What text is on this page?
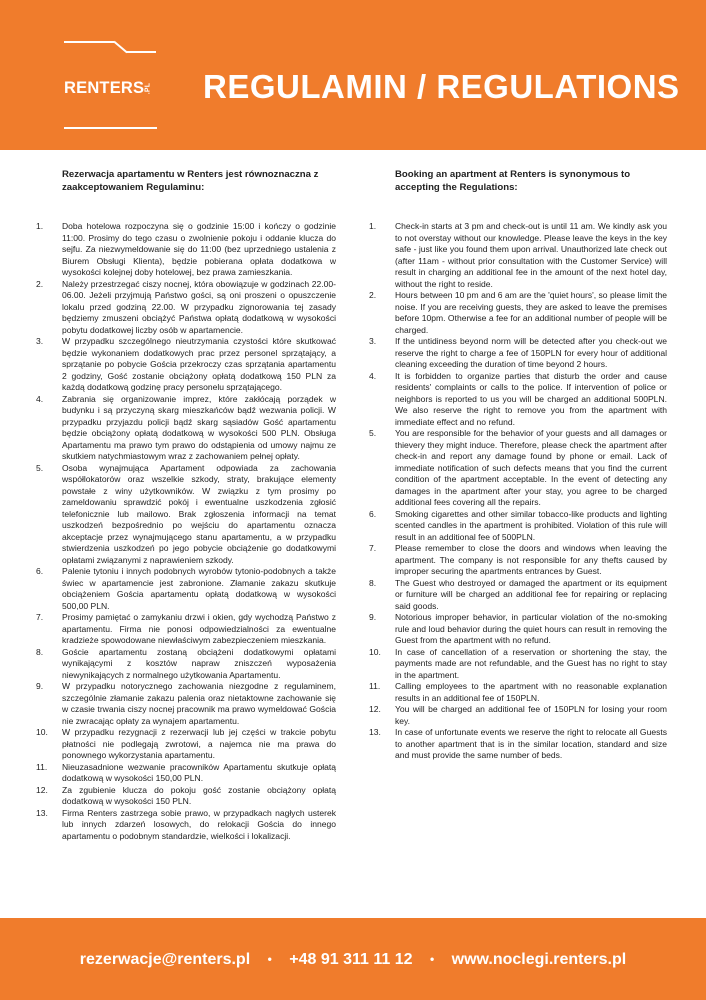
RENTERS.PL REGULAMIN / REGULATIONS
Rezerwacja apartamentu w Renters jest równoznaczna z zaakceptowaniem Regulaminu:
1.	Doba hotelowa rozpoczyna się o godzinie 15:00 i kończy o godzinie 11:00. Prosimy do tego czasu o zwolnienie pokoju i oddanie klucza do sejfu. Za niezwymeldowanie się do 11:00 (bez uprzedniego ustalenia z Biurem Obsługi Klienta), będzie pobierana opłata dodatkowa w wysokości kolejnej doby hotelowej, bez prawa zamieszkania.
2.	Należy przestrzegać ciszy nocnej, która obowiązuje w godzinach 22.00-06.00. Jeżeli przyjmują Państwo gości, są oni proszeni o opuszczenie lokalu przed godziną 22.00. W przypadku zignorowania tej zasady będziemy zmuszeni obciążyć Państwa opłatą dodatkową w wysokości pobytu dodatkowej liczby osób w apartamencie.
3.	W przypadku szczególnego nieutrzymania czystości które skutkować będzie wykonaniem dodatkowych prac przez personel sprzątający, a sprzątanie po pobycie Gościa przekroczy czas sprzątania apartamentu 2 godziny, Gość zostanie obciążony opłatą dodatkową 150 PLN za każdą dodatkową godzinę pracy personelu sprzątającego.
4.	Zabrania się organizowanie imprez, które zakłócają porządek w budynku i są przyczyną skarg mieszkańców bądź wezwania policji. W przypadku przyjazdu policji bądź skarg sąsiadów Gość apartamentu będzie obciążony opłatą dodatkową w wysokości 500 PLN. Obsługa Apartamentu ma prawo tym prawo do odstąpienia od umowy najmu ze skutkiem natychmiastowym wraz z zachowaniem pełnej opłaty.
5.	Osoba wynajmująca Apartament odpowiada za zachowania współlokatorów oraz wszelkie szkody, straty, brakujące elementy powstałe z winy użytkowników. W związku z tym prosimy po zameldowaniu sprawdzić pokój i ewentualne uszkodzenia zgłosić telefonicznie lub mailowo. Brak zgłoszenia informacji na temat uszkodzeń bezpośrednio po wejściu do apartamentu oznacza akceptacje przez wynajmującego stanu apartamentu, a w przypadku stwierdzenia uszkodzeń po jego pobycie obciążenie go dodatkowymi opłatami związanymi z naprawieniem szkody.
6.	Palenie tytoniu i innych podobnych wyrobów tytonio-podobnych a także świec w apartamencie jest zabronione. Złamanie zakazu skutkuje obciążeniem Gościa apartamentu opłatą dodatkową w wysokości 500,00 PLN.
7.	Prosimy pamiętać o zamykaniu drzwi i okien, gdy wychodzą Państwo z apartamentu. Firma nie ponosi odpowiedzialności za ewentualne kradzieże spowodowane niewłaściwym zabezpieczeniem mieszkania.
8.	Goście apartamentu zostaną obciążeni dodatkowymi opłatami wynikającymi z kosztów napraw zniszczeń wyposażenia niewynikających z normalnego użytkowania Apartamentu.
9.	W przypadku notorycznego zachowania niezgodne z regulaminem, szczególnie złamanie zakazu palenia oraz nietaktowne zachowanie się w czasie trwania ciszy nocnej pracownik ma prawo wymeldować Gościa nie zwracając opłaty za wynajem apartamentu.
10.	W przypadku rezygnacji z rezerwacji lub jej części w trakcie pobytu płatności nie podlegają zwrotowi, a najemca nie ma prawa do ponownego wykorzystania apartamentu.
11.	Nieuzasadnione wezwanie pracowników Apartamentu skutkuje opłatą dodatkową w wysokości 150,00 PLN.
12.	Za zgubienie klucza do pokoju gość zostanie obciążony opłatą dodatkową w wysokości 150 PLN.
13.	Firma Renters zastrzega sobie prawo, w przypadkach nagłych usterek lub innych zdarzeń losowych, do relokacji Gościa do innego apartamentu o podobnym standardzie, wielkości i lokalizacji.
Booking an apartment at Renters is synonymous to accepting the Regulations:
1.	Check-in starts at 3 pm and check-out is until 11 am. We kindly ask you to not overstay without our knowledge. Please leave the keys in the key safe - just like you found them upon arrival. Unauthorized late check out (after 11am - without prior consultation with the Customer Service) will result in charging an additional fee in the amount of the next hotel day, without the right to reside.
2.	Hours between 10 pm and 6 am are the 'quiet hours', so please limit the noise. If you are receiving guests, they are asked to leave the premises before 10pm. Otherwise a fee for an additional number of people will be charged.
3.	If the untidiness beyond norm will be detected after you check-out we reserve the right to charge a fee of 150PLN for every hour of additional cleaning exceeding the duration of time beyond 2 hours.
4.	It is forbidden to organize parties that disturb the order and cause residents' complaints or calls to the police. If intervention of police or neighbors is reported to us you will be charged an additional 500PLN. We also reserve the right to remove you from the apartment with immediate effect and no refund.
5.	You are responsible for the behavior of your guests and all damages or thievery they might induce. Therefore, please check the apartment after check-in and report any damage found by phone or email. Lack of immediate notification of such defects means that you find the current condition of the apartment acceptable. In the event of detecting any damages in the apartment after your stay, you agree to be charged additional fees covering all the repairs.
6.	Smoking cigarettes and other similar tobacco-like products and lighting scented candles in the apartment is prohibited. Violation of this rule will result in an additional fee of 500PLN.
7.	Please remember to close the doors and windows when leaving the apartment. The company is not responsible for any thefts caused by improper securing the apartments entrances by Guest.
8.	The Guest who destroyed or damaged the apartment or its equipment or furniture will be charged an additional fee for repairing or replacing said goods.
9.	Notorious improper behavior, in particular violation of the no-smoking rule and loud behavior during the quiet hours can result in removing the Guest from the apartment with no refund.
10.	In case of cancellation of a reservation or shortening the stay, the payments made are not refundable, and the Guest has no right to stay in the apartment.
11.	Calling employees to the apartment with no reasonable explanation results in an additional fee of 150PLN.
12.	You will be charged an additional fee of 150PLN for losing your room key.
13.	In case of unfortunate events we reserve the right to relocate all Guests to another apartment that is in the similar location, standard and size and must provide the same number of beds.
rezerwacje@renters.pl • +48 91 311 11 12 • www.noclegi.renters.pl
